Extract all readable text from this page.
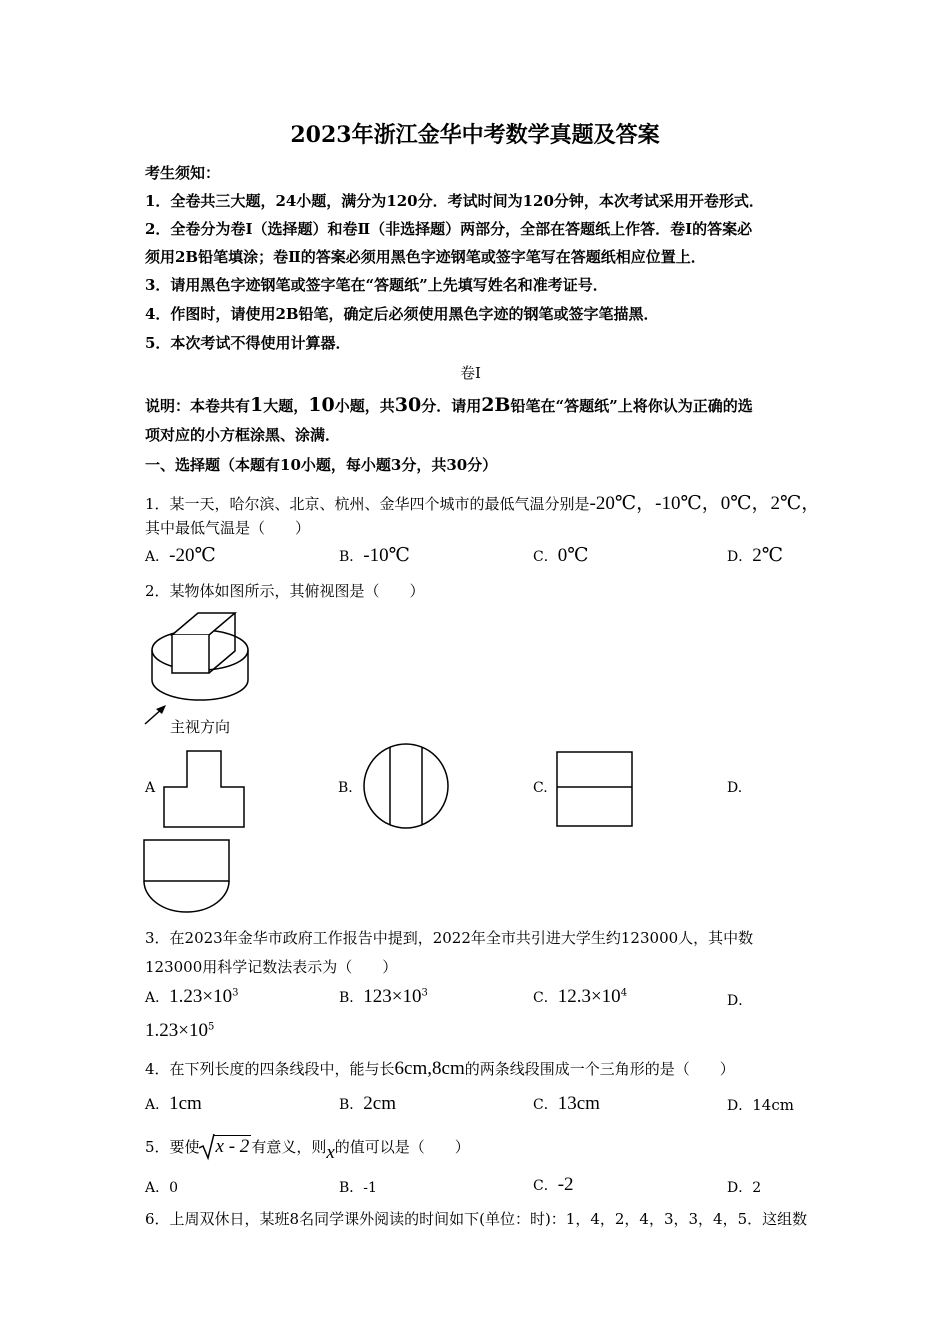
2023年浙江金华中考数学真题及答案
考生须知：
1．全卷共三大题，24小题，满分为120分．考试时间为120分钟，本次考试采用开卷形式．
2．全卷分为卷Ⅰ（选择题）和卷Ⅱ（非选择题）两部分，全部在答题纸上作答．卷Ⅰ的答案必
须用2B铅笔填涂；卷Ⅱ的答案必须用黑色字迹钢笔或签字笔写在答题纸相应位置上．
3．请用黑色字迹钢笔或签字笔在“答题纸”上先填写姓名和准考证号．
4．作图时，请使用2B铅笔，确定后必须使用黑色字迹的钢笔或签字笔描黑．
5．本次考试不得使用计算器．
卷Ⅰ
说明：本卷共有1大题，10小题，共30分．请用2B铅笔在“答题纸”上将你认为正确的选
项对应的小方框涂黑、涂满．
一、选择题（本题有10小题，每小题3分，共30分）
1．某一天，哈尔滨、北京、杭州、金华四个城市的最低气温分别是-20℃，-10℃，0℃，2℃，
其中最低气温是（　　）
A．-20℃	B．-10℃	C．0℃	D．2℃
2．某物体如图所示，其俯视图是（　　）
主视方向
A	B.	C.	D.
3．在2023年金华市政府工作报告中提到，2022年全市共引进大学生约123000人，其中数
123000用科学记数法表示为（　　）
A．$1.23\times 10^3$	B．$123\times 10^3$	C．$12.3\times 10^4$	D．
$1.23\times 10^5$
4．在下列长度的四条线段中，能与长6cm,8cm的两条线段围成一个三角形的是（　　）
A．1cm	B．2cm	C．13cm	D．14cm
5．要使 x - 2 有意义，则x的值可以是（　　）
A．0	B．-1	C．-2	D．2
6．上周双休日，某班8名同学课外阅读的时间如下(单位：时)：1，4，2，4，3，3，4，5．这组数
